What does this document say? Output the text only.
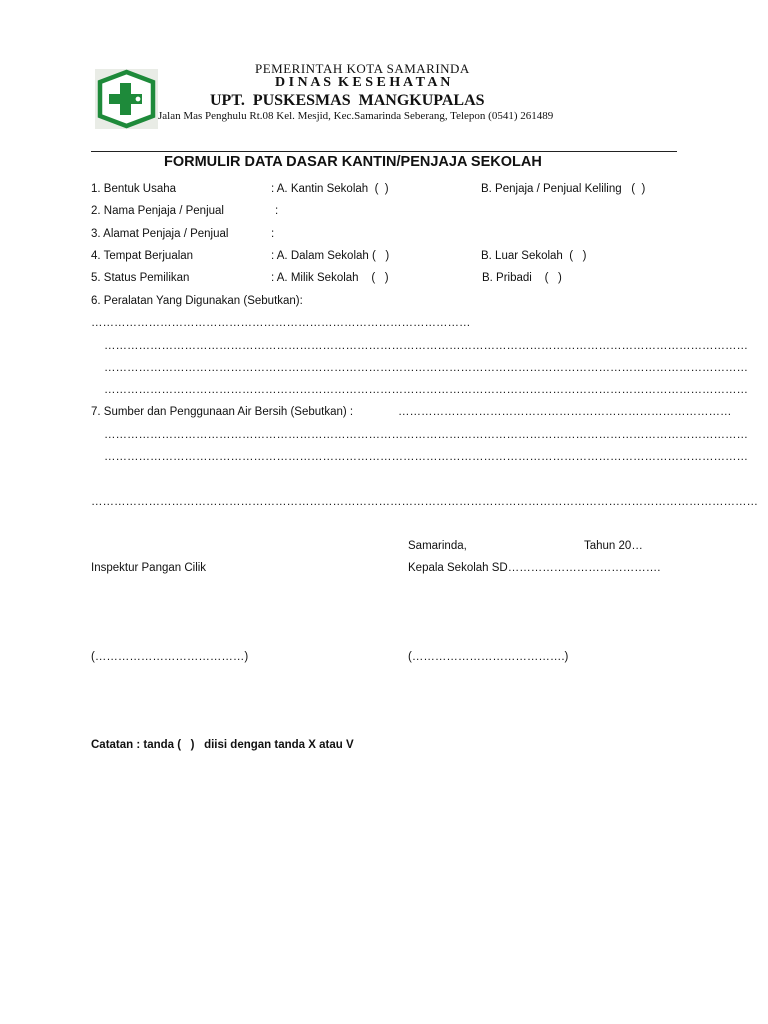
PEMERINTAH KOTA SAMARINDA
D I N A S  K E S E H A T A N
UPT.  PUSKESMAS  MANGKUPALAS
Jalan Mas Penghulu Rt.08 Kel. Mesjid, Kec.Samarinda Seberang, Telepon (0541) 261489
FORMULIR DATA DASAR KANTIN/PENJAJA SEKOLAH
1. Bentuk Usaha	: A. Kantin Sekolah  (  )	B. Penjaja / Penjual Keliling   (  )
2. Nama Penjaja / Penjual	:
3. Alamat Penjaja / Penjual	:
4. Tempat Berjualan	: A. Dalam Sekolah (   )	B. Luar Sekolah  (   )
5. Status Pemilikan	: A. Milik Sekolah    (   )	B. Pribadi    (   )
6. Peralatan Yang Digunakan (Sebutkan):
………………………………………………………………………………………
……………………………………………………………………………………………………………………………………………………
……………………………………………………………………………………………………………………………………………………
……………………………………………………………………………………………………………………………………………………
7. Sumber dan Penggunaan Air Bersih (Sebutkan) :	……………………………………………………………………………
……………………………………………………………………………………………………………………………………………………
……………………………………………………………………………………………………………………………………………………
…………………………………………………………………………………………………………………………………………………………
Samarinda,	Tahun 20…
Inspektur Pangan Cilik	Kepala Sekolah SD………………………………….
(…………………………………)	(………………………………….)
Catatan : tanda (   )   diisi dengan tanda X atau V
